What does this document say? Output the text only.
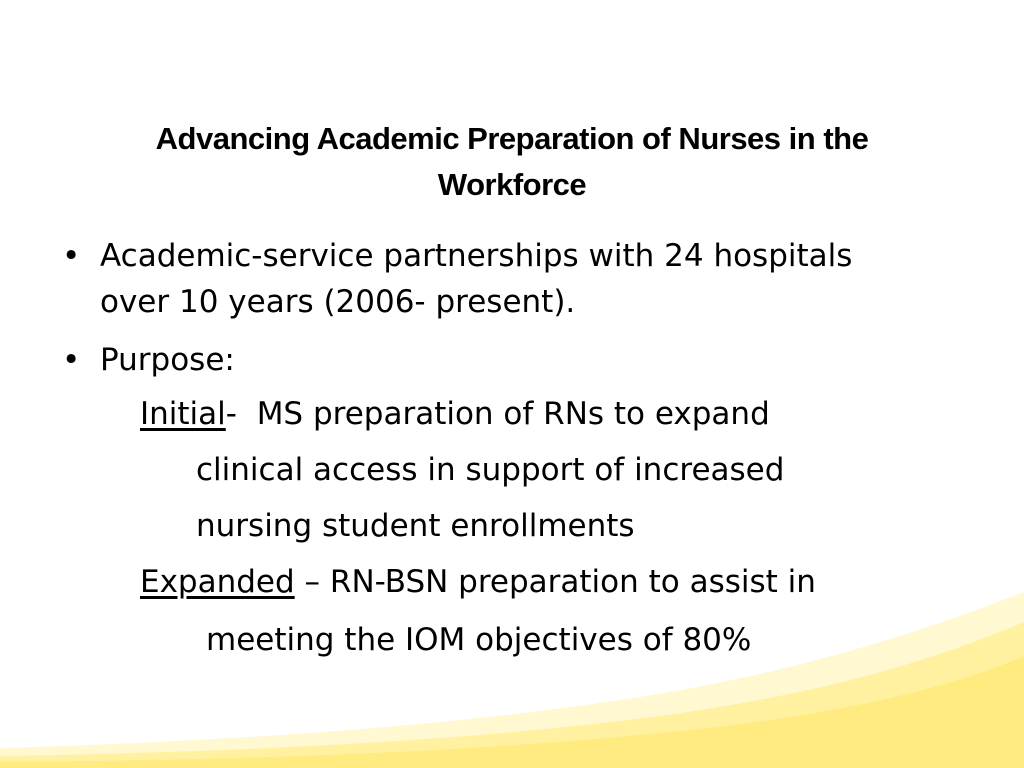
Advancing Academic Preparation of Nurses in the
Workforce
• Academic-service partnerships with 24 hospitals
over 10 years (2006- present).
• Purpose:
Initial-  MS preparation of RNs to expand
clinical access in support of increased
nursing student enrollments
Expanded – RN-BSN preparation to assist in
meeting the IOM objectives of 80%
